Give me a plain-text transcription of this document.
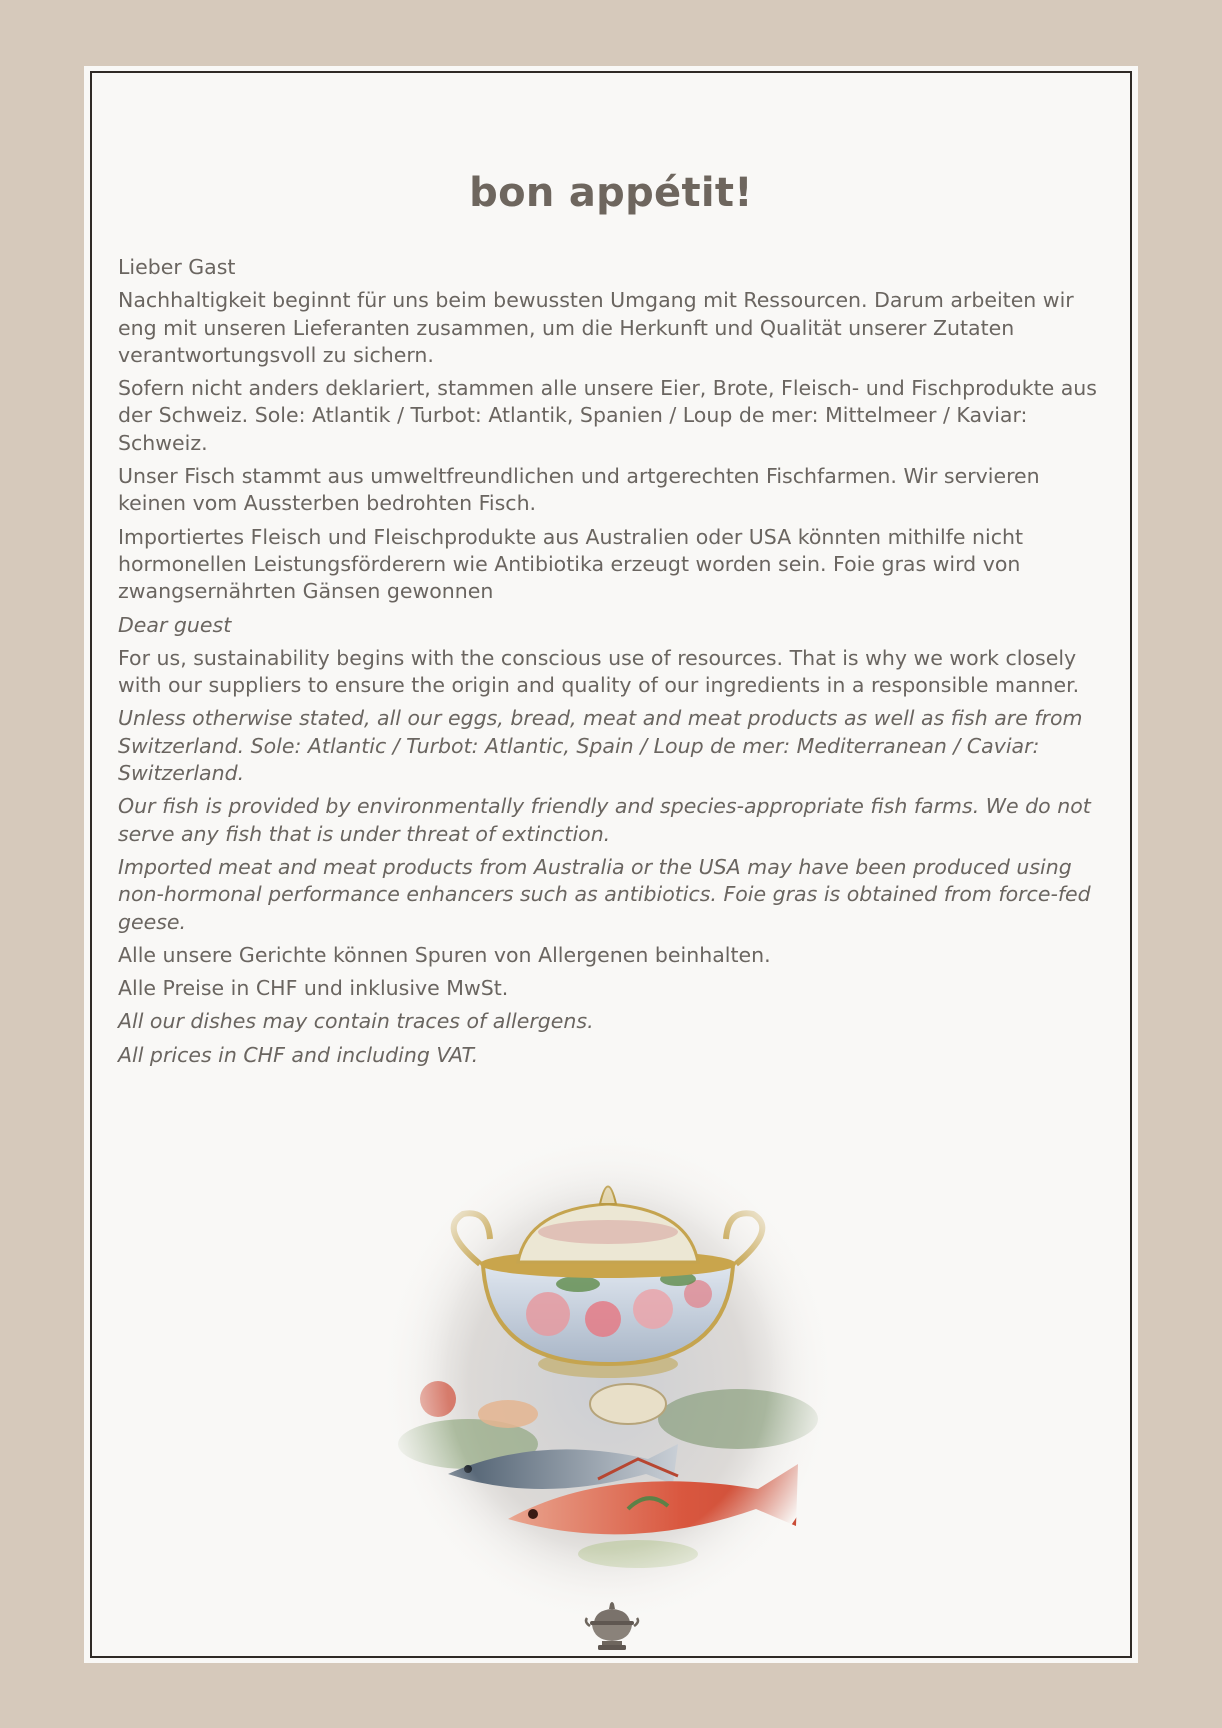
bon appétit!

Lieber Gast

Nachhaltigkeit beginnt für uns beim bewussten Umgang mit Ressourcen. Darum arbeiten wir eng mit unseren Lieferanten zusammen, um die Herkunft und Qualität unserer Zutaten verantwortungsvoll zu sichern.

Sofern nicht anders deklariert, stammen alle unsere Eier, Brote, Fleisch- und Fischprodukte aus der Schweiz. Sole: Atlantik / Turbot: Atlantik, Spanien / Loup de mer: Mittelmeer / Kaviar: Schweiz.

Unser Fisch stammt aus umweltfreundlichen und artgerechten Fischfarmen. Wir servieren keinen vom Aussterben bedrohten Fisch.

Importiertes Fleisch und Fleischprodukte aus Australien oder USA könnten mithilfe nicht hormonellen Leistungsförderern wie Antibiotika erzeugt worden sein. Foie gras wird von zwangsernährten Gänsen gewonnen

Dear guest

For us, sustainability begins with the conscious use of resources. That is why we work closely with our suppliers to ensure the origin and quality of our ingredients in a responsible manner.

Unless otherwise stated, all our eggs, bread, meat and meat products as well as fish are from Switzerland. Sole: Atlantic / Turbot: Atlantic, Spain / Loup de mer: Mediterranean / Caviar: Switzerland.

Our fish is provided by environmentally friendly and species-appropriate fish farms. We do not serve any fish that is under threat of extinction.

Imported meat and meat products from Australia or the USA may have been produced using non-hormonal performance enhancers such as antibiotics. Foie gras is obtained from force-fed geese.

Alle unsere Gerichte können Spuren von Allergenen beinhalten.

Alle Preise in CHF und inklusive MwSt.

All our dishes may contain traces of allergens.

All prices in CHF and including VAT.
